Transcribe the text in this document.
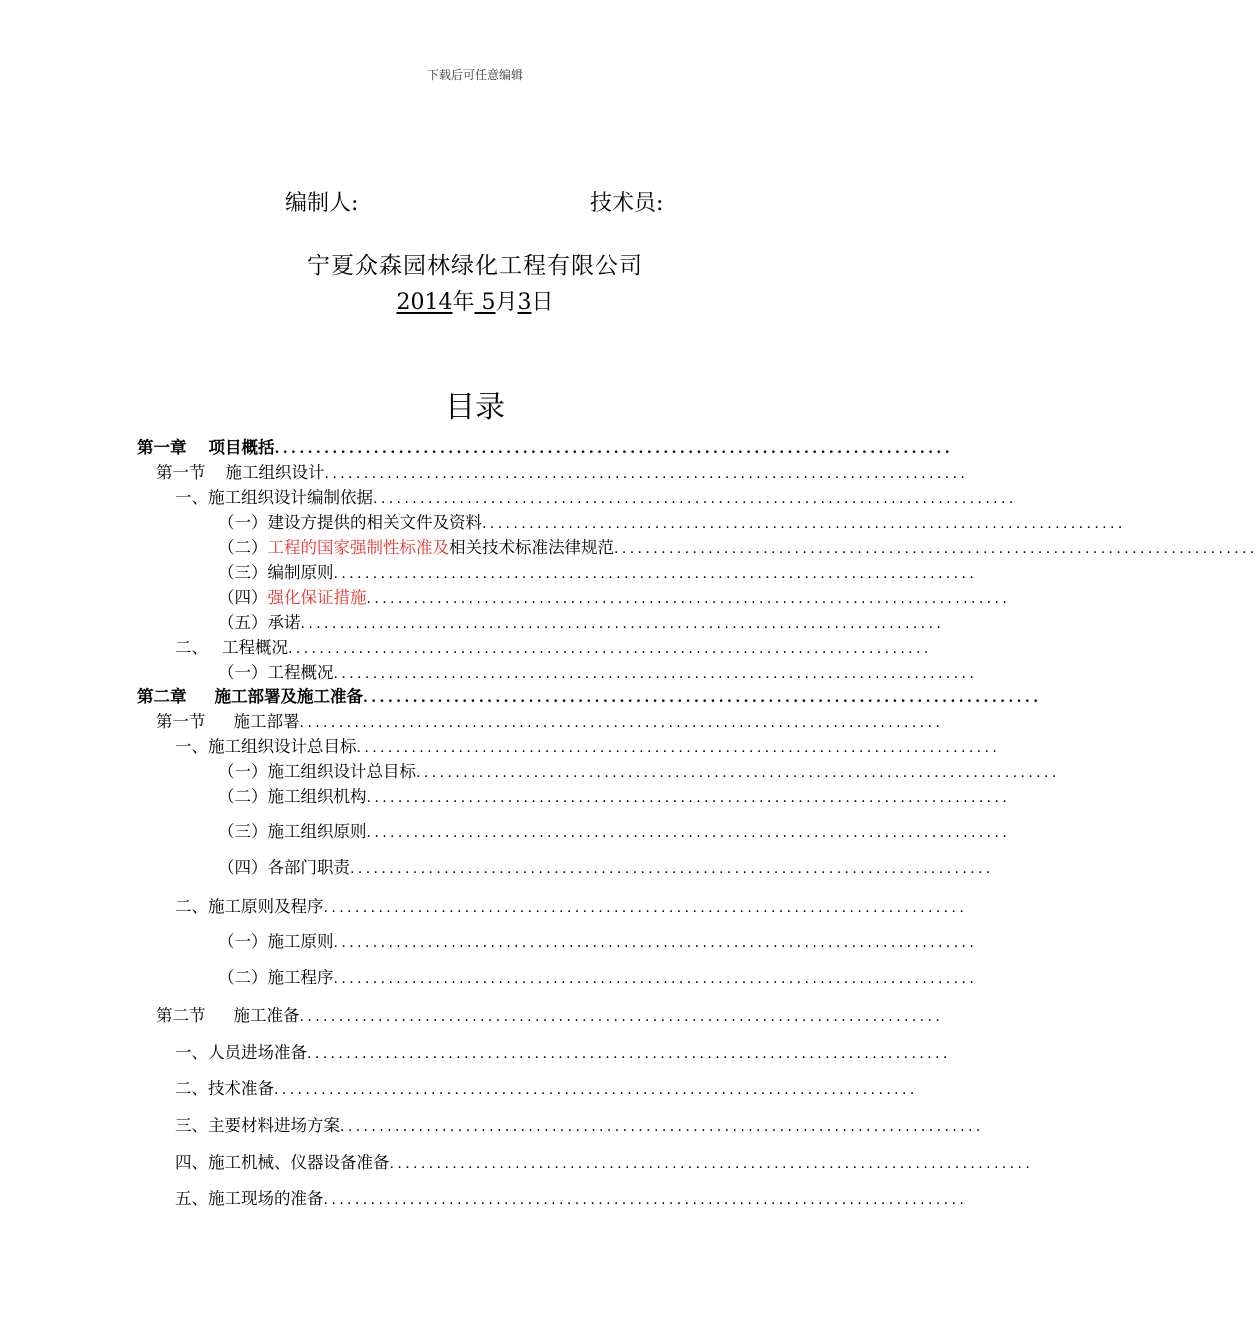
下载后可任意编辑
编制人:	技术员:
宁夏众森园林绿化工程有限公司
2014年 5月3日
目录
第一章 项目概括 ..................................................................................
第一节 施工组织设计 ..................................................................................
一、施工组织设计编制依据 ..................................................................................
（一）建设方提供的相关文件及资料 ..................................................................................
（二）工程的国家强制性标准及相关技术标准法律规范 ..................................................................................
（三）编制原则 ..................................................................................
（四）强化保证措施 ..................................................................................
（五）承诺 ..................................................................................
二、 工程概况 ..................................................................................
（一）工程概况 ..................................................................................
第二章 施工部署及施工准备 ..................................................................................
第一节 施工部署 ..................................................................................
一、施工组织设计总目标 ..................................................................................
（一）施工组织设计总目标 ..................................................................................
（二）施工组织机构 ..................................................................................
（三）施工组织原则 ..................................................................................
（四）各部门职责 ..................................................................................
二、施工原则及程序 ..................................................................................
（一）施工原则 ..................................................................................
（二）施工程序 ..................................................................................
第二节 施工准备 ..................................................................................
一、人员进场准备 ..................................................................................
二、技术准备 ..................................................................................
三、主要材料进场方案 ..................................................................................
四、施工机械、仪器设备准备 ..................................................................................
五、施工现场的准备 ..................................................................................
